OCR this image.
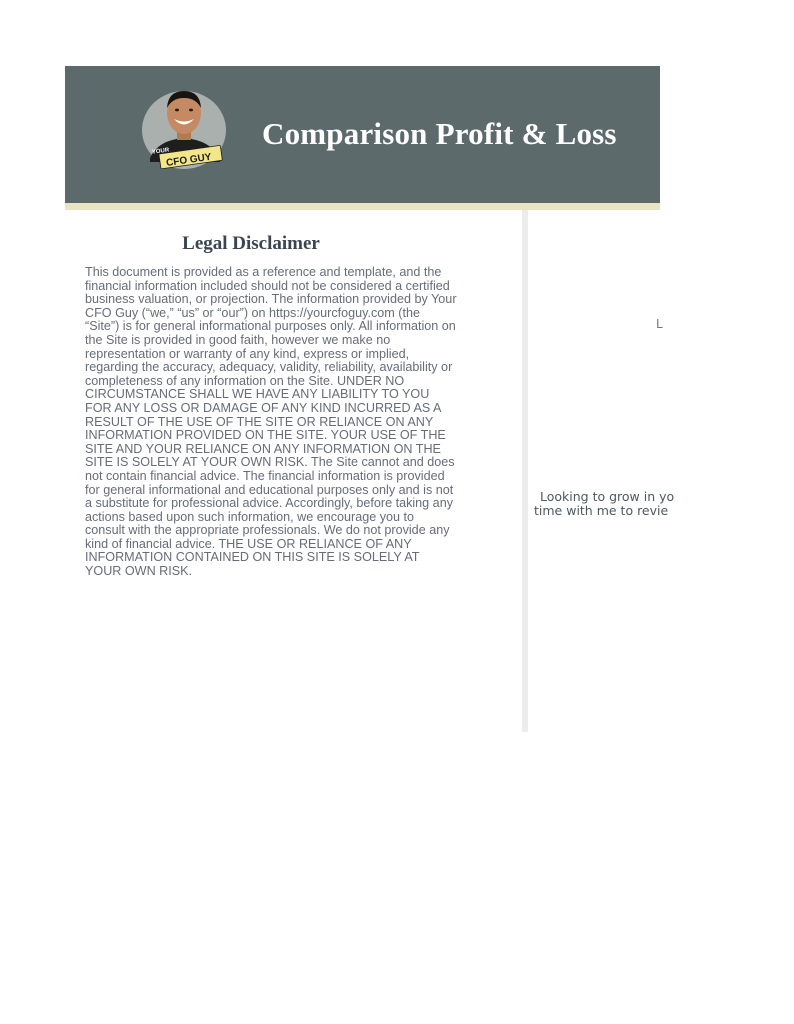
YOUR
CFO GUY
Comparison Profit & Loss
Legal Disclaimer

This document is provided as a reference and template, and the financial information included should not be considered a certified business valuation, or projection. The information provided by Your CFO Guy (“we,” “us” or “our”) on https://yourcfoguy.com (the “Site”) is for general informational purposes only. All information on the Site is provided in good faith, however we make no representation or warranty of any kind, express or implied, regarding the accuracy, adequacy, validity, reliability, availability or completeness of any information on the Site. UNDER NO CIRCUMSTANCE SHALL WE HAVE ANY LIABILITY TO YOU FOR ANY LOSS OR DAMAGE OF ANY KIND INCURRED AS A RESULT OF THE USE OF THE SITE OR RELIANCE ON ANY INFORMATION PROVIDED ON THE SITE. YOUR USE OF THE SITE AND YOUR RELIANCE ON ANY INFORMATION ON THE SITE IS SOLELY AT YOUR OWN RISK. The Site cannot and does not contain financial advice. The financial information is provided for general informational and educational purposes only and is not a substitute for professional advice. Accordingly, before taking any actions based upon such information, we encourage you to consult with the appropriate professionals. We do not provide any kind of financial advice. THE USE OR RELIANCE OF ANY INFORMATION CONTAINED ON THIS SITE IS SOLELY AT YOUR OWN RISK.

L
Looking to grow in yo
time with me to revie
